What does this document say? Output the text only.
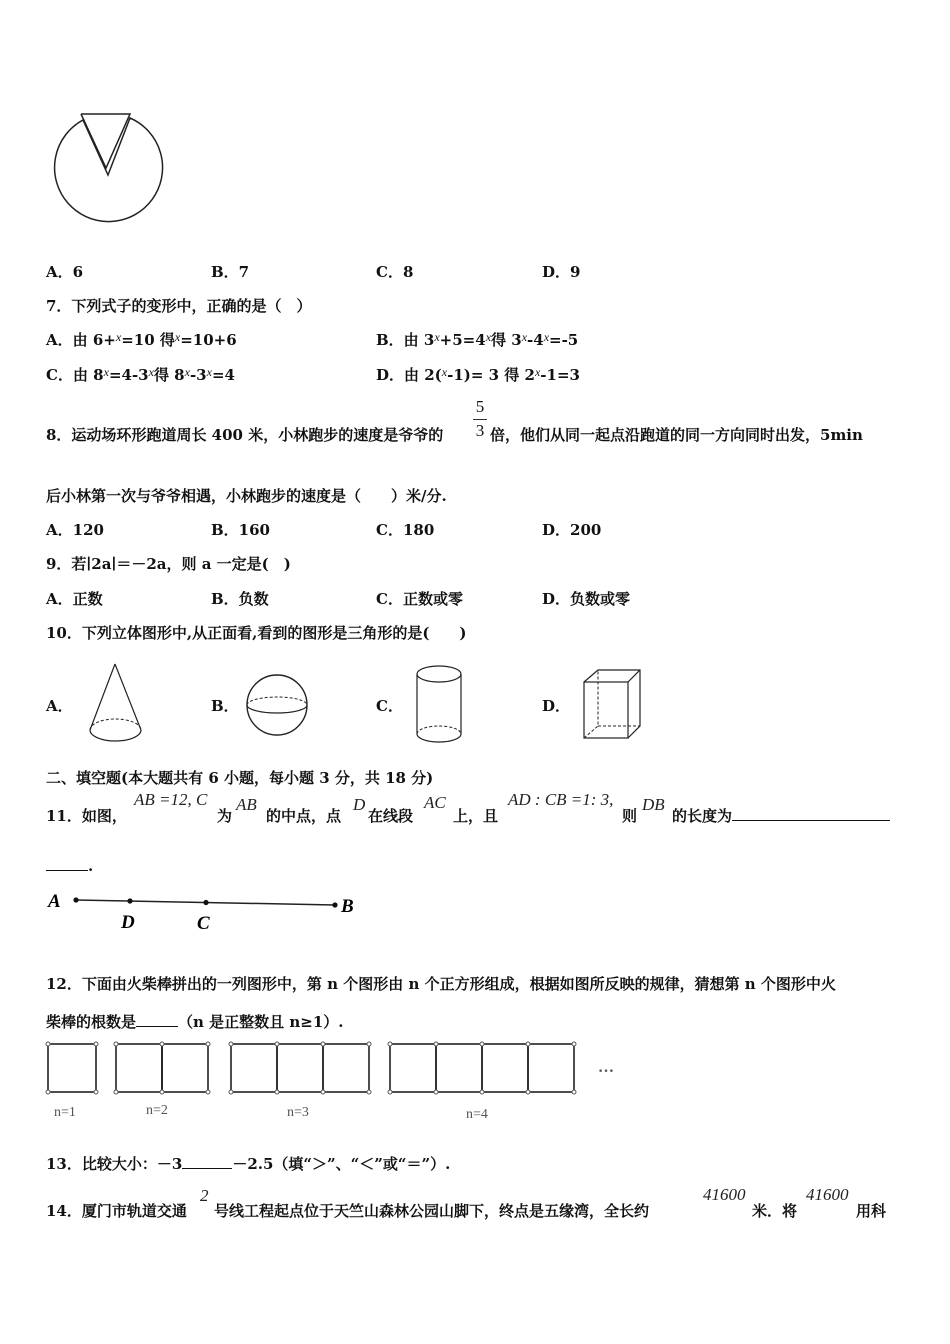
A．6	B．7	C．8	D．9
7．下列式子的变形中，正确的是（　）
A．由 6+$^x$=10 得$^x$=10+6	B．由 $3^x+5=4^x$得 $3^x-4^x=-5$
C．由 $8^x=4-3^x$得 $8^x-3^x=4$	D．由 2($^x$-1)= 3 得 $2^x-1=3$
8．运动场环形跑道周长 400 米，小林跑步的速度是爷爷的
5
3 倍，他们从同一起点沿跑道的同一方向同时出发，5min
后小林第一次与爷爷相遇，小林跑步的速度是（　　）米/分.
A．120	B．160	C．180	D．200
9．若∣2a∣＝－2a，则 a 一定是(　)
A．正数	B．负数	C．正数或零	D．负数或零
10．下列立体图形中,从正面看,看到的图形是三角形的是(　　)
A．	B．	C．	D．
二、填空题(本大题共有 6 小题，每小题 3 分，共 18 分)
11．如图，
AB =12, C
为
AB
的中点，点
D
在线段
AC
上，且
AD : CB =1: 3,
则
DB
的长度为
.
A
D	C
B
12．下面由火柴棒拼出的一列图形中，第 n 个图形由 n 个正方形组成，根据如图所反映的规律，猜想第 n 个图形中火
柴棒的根数是	（n 是正整数且 n≥1）.
…
n=1	n=2	n=3	n=4
13．比较大小：－3	－2.5（填“＞”、“＜”或“＝”）.
14．厦门市轨道交通
2
号线工程起点位于天竺山森林公园山脚下，终点是五缘湾，全长约
41600
米．将
41600
用科
